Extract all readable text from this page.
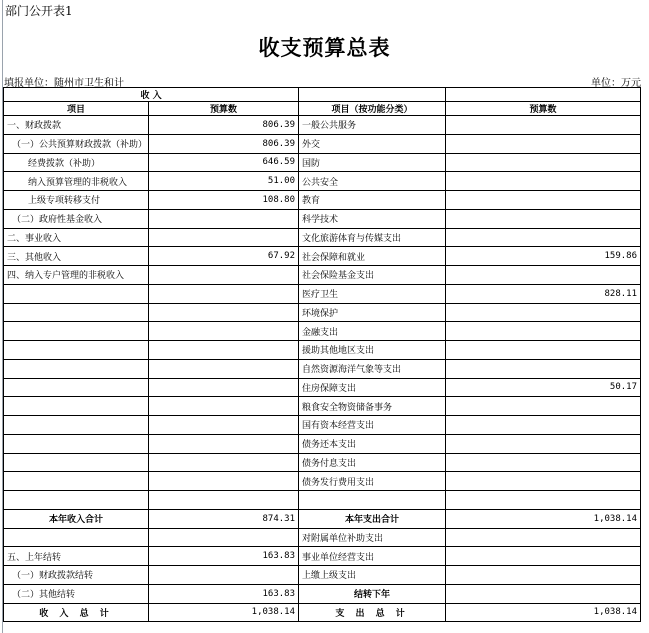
部门公开表1
收支预算总表
填报单位：随州市卫生和计	单位：万元
收 入			
项目	预算数	项目（按功能分类）	预算数
一、财政拨款	806.39	一般公共服务	
（一）公共预算财政拨款（补助）	806.39	外交	
经费拨款（补助）	646.59	国防	
纳入预算管理的非税收入	51.00	公共安全	
上级专项转移支付	108.80	教育	
（二）政府性基金收入		科学技术	
二、事业收入		文化旅游体育与传媒支出	
三、其他收入	67.92	社会保障和就业	159.86
四、纳入专户管理的非税收入		社会保险基金支出	
		医疗卫生	828.11
		环境保护	
		金融支出	
		援助其他地区支出	
		自然资源海洋气象等支出	
		住房保障支出	50.17
		粮食安全物资储备事务	
		国有资本经营支出	
		债务还本支出	
		债务付息支出	
		债务发行费用支出	

本年收入合计	874.31	本年支出合计	1,038.14
		对附属单位补助支出	
五、上年结转	163.83	事业单位经营支出	
（一）财政拨款结转		上缴上级支出	
（二）其他结转	163.83	结转下年	
收 入 总 计	1,038.14	支 出 总 计	1,038.14
